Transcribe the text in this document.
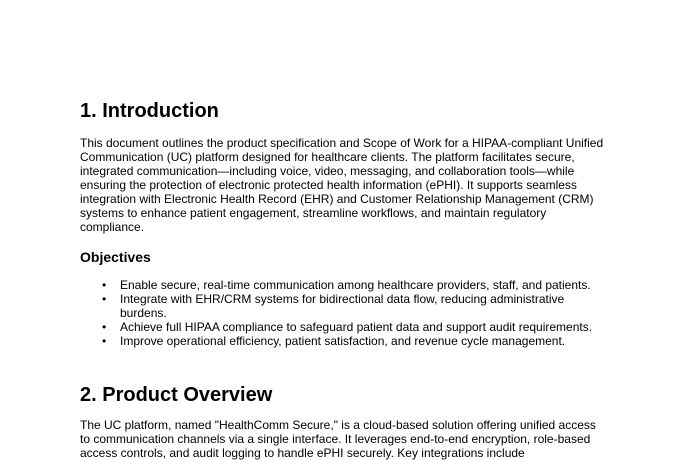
1. Introduction

This document outlines the product specification and Scope of Work for a HIPAA-compliant Unified Communication (UC) platform designed for healthcare clients. The platform facilitates secure, integrated communication—including voice, video, messaging, and collaboration tools—while ensuring the protection of electronic protected health information (ePHI). It supports seamless integration with Electronic Health Record (EHR) and Customer Relationship Management (CRM) systems to enhance patient engagement, streamline workflows, and maintain regulatory compliance.

Objectives
• Enable secure, real-time communication among healthcare providers, staff, and patients.
• Integrate with EHR/CRM systems for bidirectional data flow, reducing administrative burdens.
• Achieve full HIPAA compliance to safeguard patient data and support audit requirements.
• Improve operational efficiency, patient satisfaction, and revenue cycle management.
2. Product Overview

The UC platform, named "HealthComm Secure," is a cloud-based solution offering unified access to communication channels via a single interface. It leverages end-to-end encryption, role-based access controls, and audit logging to handle ePHI securely. Key integrations include
